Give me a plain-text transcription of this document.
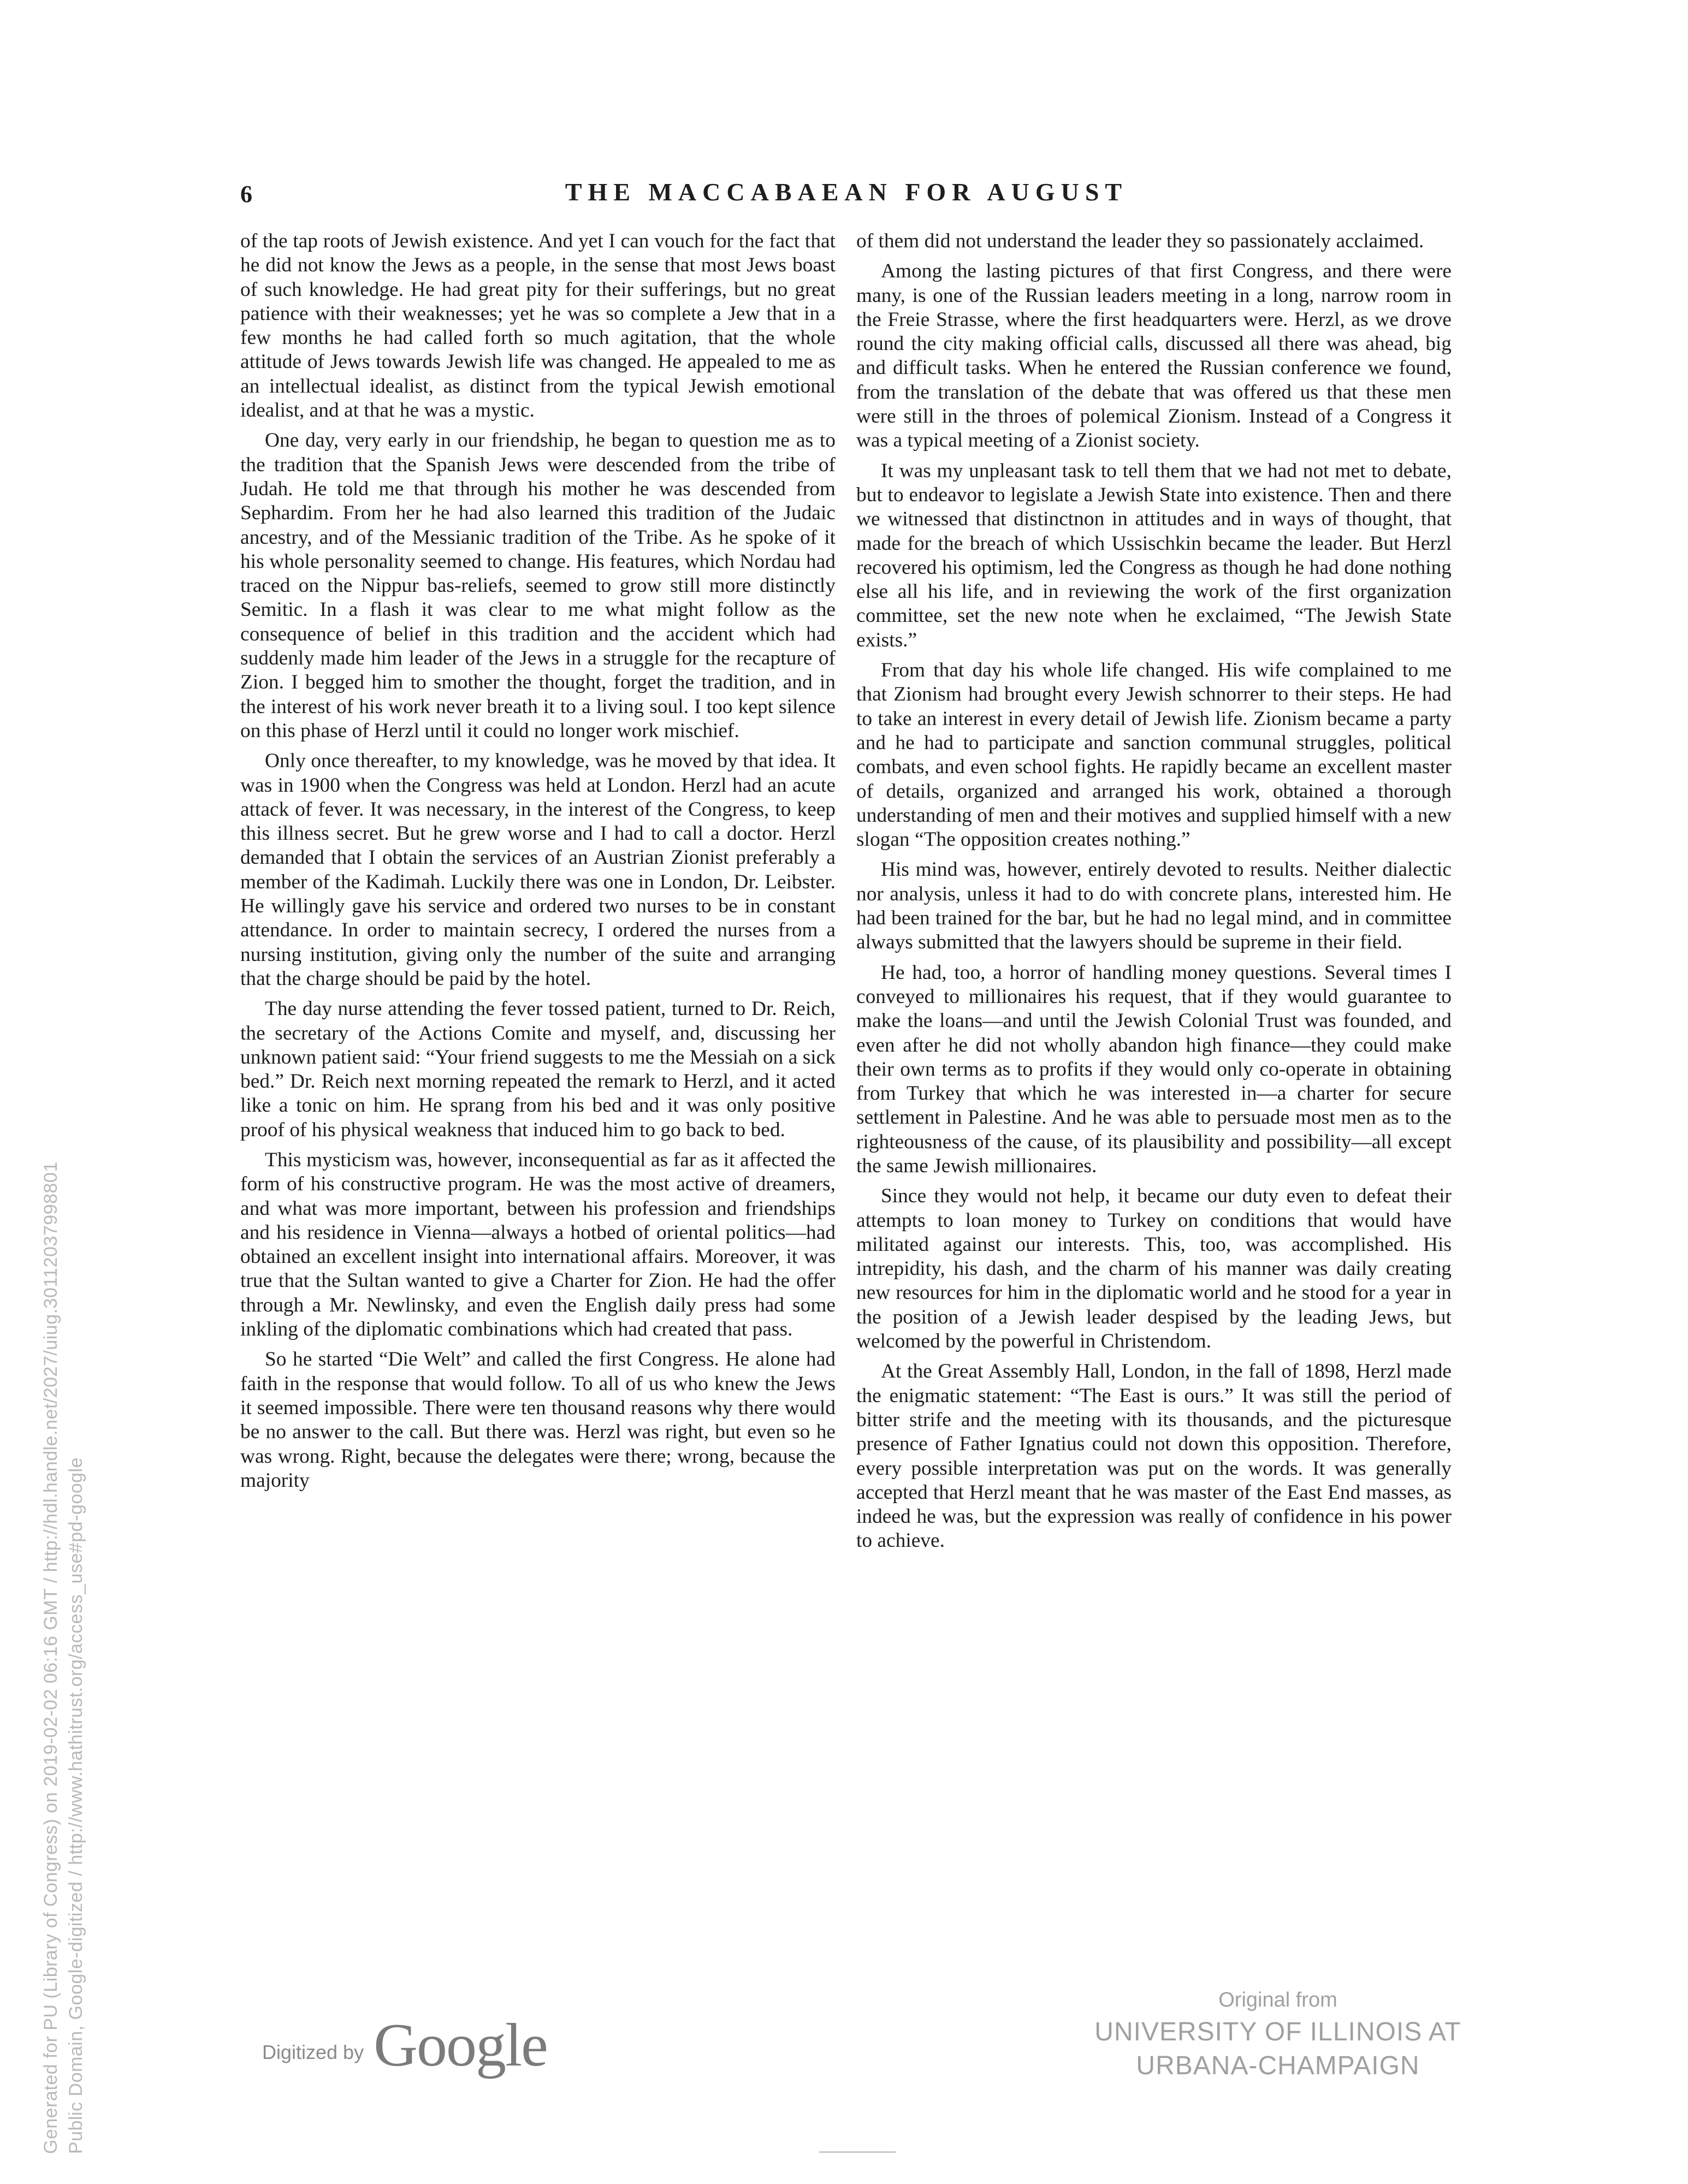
6	THE MACCABAEAN FOR AUGUST

of the tap roots of Jewish existence. And yet I can vouch for the fact that he did not know the Jews as a people, in the sense that most Jews boast of such knowledge. He had great pity for their sufferings, but no great patience with their weaknesses; yet he was so complete a Jew that in a few months he had called forth so much agitation, that the whole attitude of Jews towards Jewish life was changed. He appealed to me as an intellectual idealist, as distinct from the typical Jewish emotional idealist, and at that he was a mystic.

One day, very early in our friendship, he began to question me as to the tradition that the Spanish Jews were descended from the tribe of Judah. He told me that through his mother he was descended from Sephardim. From her he had also learned this tradition of the Judaic ancestry, and of the Messianic tradition of the Tribe. As he spoke of it his whole personality seemed to change. His features, which Nordau had traced on the Nippur bas-reliefs, seemed to grow still more distinctly Semitic. In a flash it was clear to me what might follow as the consequence of belief in this tradition and the accident which had suddenly made him leader of the Jews in a struggle for the recapture of Zion. I begged him to smother the thought, forget the tradition, and in the interest of his work never breath it to a living soul. I too kept silence on this phase of Herzl until it could no longer work mischief.

Only once thereafter, to my knowledge, was he moved by that idea. It was in 1900 when the Congress was held at London. Herzl had an acute attack of fever. It was necessary, in the interest of the Congress, to keep this illness secret. But he grew worse and I had to call a doctor. Herzl demanded that I obtain the services of an Austrian Zionist preferably a member of the Kadimah. Luckily there was one in London, Dr. Leibster. He willingly gave his service and ordered two nurses to be in constant attendance. In order to maintain secrecy, I ordered the nurses from a nursing institution, giving only the number of the suite and arranging that the charge should be paid by the hotel.

The day nurse attending the fever tossed patient, turned to Dr. Reich, the secretary of the Actions Comite and myself, and, discussing her unknown patient said: “Your friend suggests to me the Messiah on a sick bed.” Dr. Reich next morning repeated the remark to Herzl, and it acted like a tonic on him. He sprang from his bed and it was only positive proof of his physical weakness that induced him to go back to bed.

This mysticism was, however, inconsequential as far as it affected the form of his constructive program. He was the most active of dreamers, and what was more important, between his profession and friendships and his residence in Vienna—always a hotbed of oriental politics—had obtained an excellent insight into international affairs. Moreover, it was true that the Sultan wanted to give a Charter for Zion. He had the offer through a Mr. Newlinsky, and even the English daily press had some inkling of the diplomatic combinations which had created that pass.

So he started “Die Welt” and called the first Congress. He alone had faith in the response that would follow. To all of us who knew the Jews it seemed impossible. There were ten thousand reasons why there would be no answer to the call. But there was. Herzl was right, but even so he was wrong. Right, because the delegates were there; wrong, because the majority

of them did not understand the leader they so passionately acclaimed.

Among the lasting pictures of that first Congress, and there were many, is one of the Russian leaders meeting in a long, narrow room in the Freie Strasse, where the first headquarters were. Herzl, as we drove round the city making official calls, discussed all there was ahead, big and difficult tasks. When he entered the Russian conference we found, from the translation of the debate that was offered us that these men were still in the throes of polemical Zionism. Instead of a Congress it was a typical meeting of a Zionist society.

It was my unpleasant task to tell them that we had not met to debate, but to endeavor to legislate a Jewish State into existence. Then and there we witnessed that distinctnon in attitudes and in ways of thought, that made for the breach of which Ussischkin became the leader. But Herzl recovered his optimism, led the Congress as though he had done nothing else all his life, and in reviewing the work of the first organization committee, set the new note when he exclaimed, “The Jewish State exists.”

From that day his whole life changed. His wife complained to me that Zionism had brought every Jewish schnorrer to their steps. He had to take an interest in every detail of Jewish life. Zionism became a party and he had to participate and sanction communal struggles, political combats, and even school fights. He rapidly became an excellent master of details, organized and arranged his work, obtained a thorough understanding of men and their motives and supplied himself with a new slogan “The opposition creates nothing.”

His mind was, however, entirely devoted to results. Neither dialectic nor analysis, unless it had to do with concrete plans, interested him. He had been trained for the bar, but he had no legal mind, and in committee always submitted that the lawyers should be supreme in their field.

He had, too, a horror of handling money questions. Several times I conveyed to millionaires his request, that if they would guarantee to make the loans—and until the Jewish Colonial Trust was founded, and even after he did not wholly abandon high finance—they could make their own terms as to profits if they would only co-operate in obtaining from Turkey that which he was interested in—a charter for secure settlement in Palestine. And he was able to persuade most men as to the righteousness of the cause, of its plausibility and possibility—all except the same Jewish millionaires.

Since they would not help, it became our duty even to defeat their attempts to loan money to Turkey on conditions that would have militated against our interests. This, too, was accomplished. His intrepidity, his dash, and the charm of his manner was daily creating new resources for him in the diplomatic world and he stood for a year in the position of a Jewish leader despised by the leading Jews, but welcomed by the powerful in Christendom.

At the Great Assembly Hall, London, in the fall of 1898, Herzl made the enigmatic statement: “The East is ours.” It was still the period of bitter strife and the meeting with its thousands, and the picturesque presence of Father Ignatius could not down this opposition. Therefore, every possible interpretation was put on the words. It was generally accepted that Herzl meant that he was master of the East End masses, as indeed he was, but the expression was really of confidence in his power to achieve.

Generated for PU (Library of Congress) on 2019-02-02 06:16 GMT / http://hdl.handle.net/2027/uiug.30112037998801 Public Domain, Google-digitized / http://www.hathitrust.org/access_use#pd-google	Digitized by Google
Original from
UNIVERSITY OF ILLINOIS AT
URBANA-CHAMPAIGN
